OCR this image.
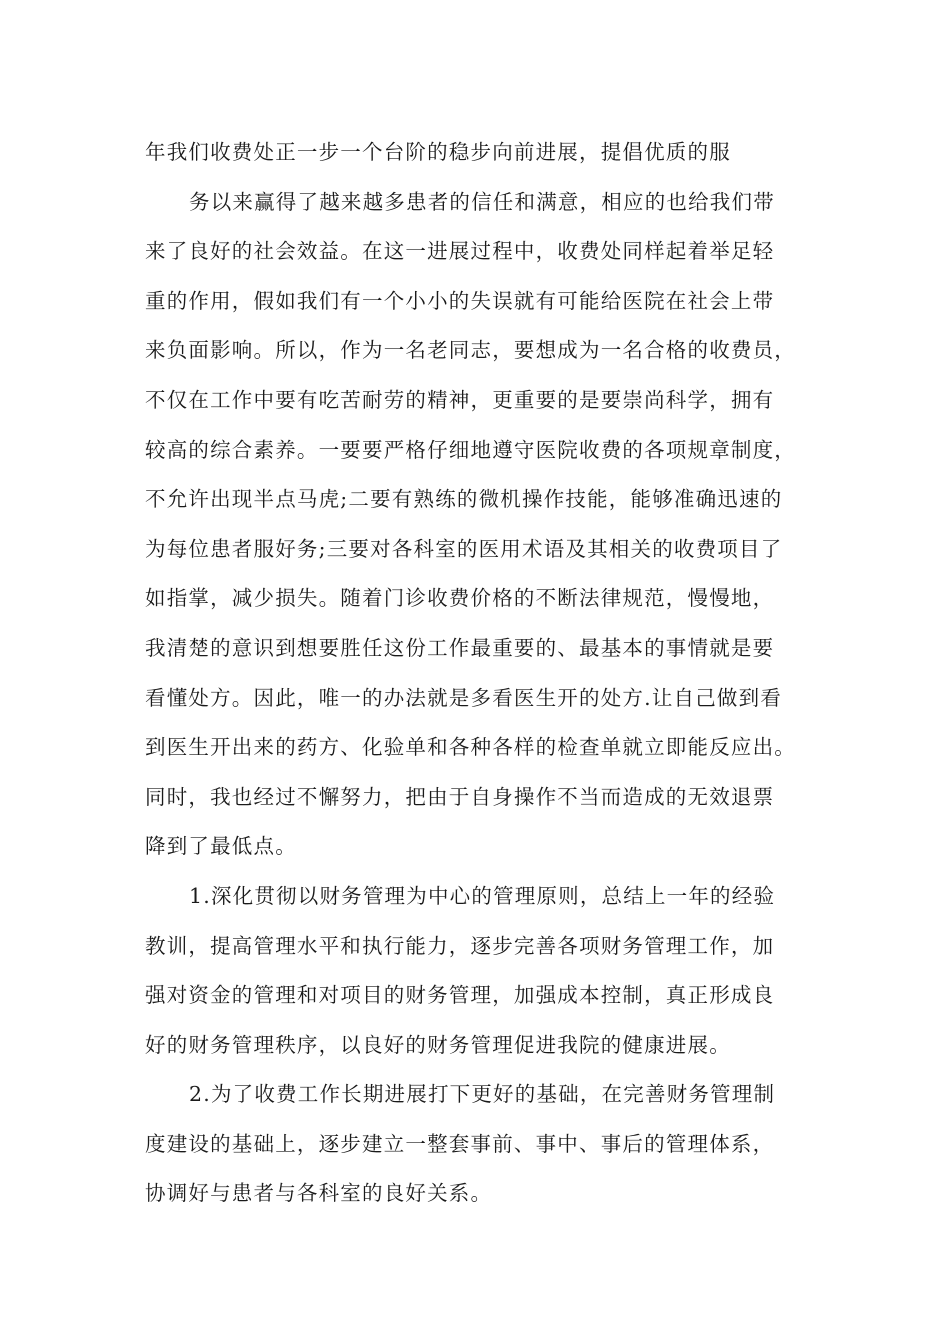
年我们收费处正一步一个台阶的稳步向前进展，提倡优质的服
务以来赢得了越来越多患者的信任和满意，相应的也给我们带
来了良好的社会效益。在这一进展过程中，收费处同样起着举足轻
重的作用，假如我们有一个小小的失误就有可能给医院在社会上带
来负面影响。所以，作为一名老同志，要想成为一名合格的收费员，
不仅在工作中要有吃苦耐劳的精神，更重要的是要崇尚科学，拥有
较高的综合素养。一要要严格仔细地遵守医院收费的各项规章制度，
不允许出现半点马虎;二要有熟练的微机操作技能，能够准确迅速的
为每位患者服好务;三要对各科室的医用术语及其相关的收费项目了
如指掌，减少损失。随着门诊收费价格的不断法律规范，慢慢地，
我清楚的意识到想要胜任这份工作最重要的、最基本的事情就是要
看懂处方。因此，唯一的办法就是多看医生开的处方.让自己做到看
到医生开出来的药方、化验单和各种各样的检查单就立即能反应出。
同时，我也经过不懈努力，把由于自身操作不当而造成的无效退票
降到了最低点。
1.深化贯彻以财务管理为中心的管理原则，总结上一年的经验
教训，提高管理水平和执行能力，逐步完善各项财务管理工作，加
强对资金的管理和对项目的财务管理，加强成本控制，真正形成良
好的财务管理秩序，以良好的财务管理促进我院的健康进展。
2.为了收费工作长期进展打下更好的基础，在完善财务管理制
度建设的基础上，逐步建立一整套事前、事中、事后的管理体系，
协调好与患者与各科室的良好关系。
